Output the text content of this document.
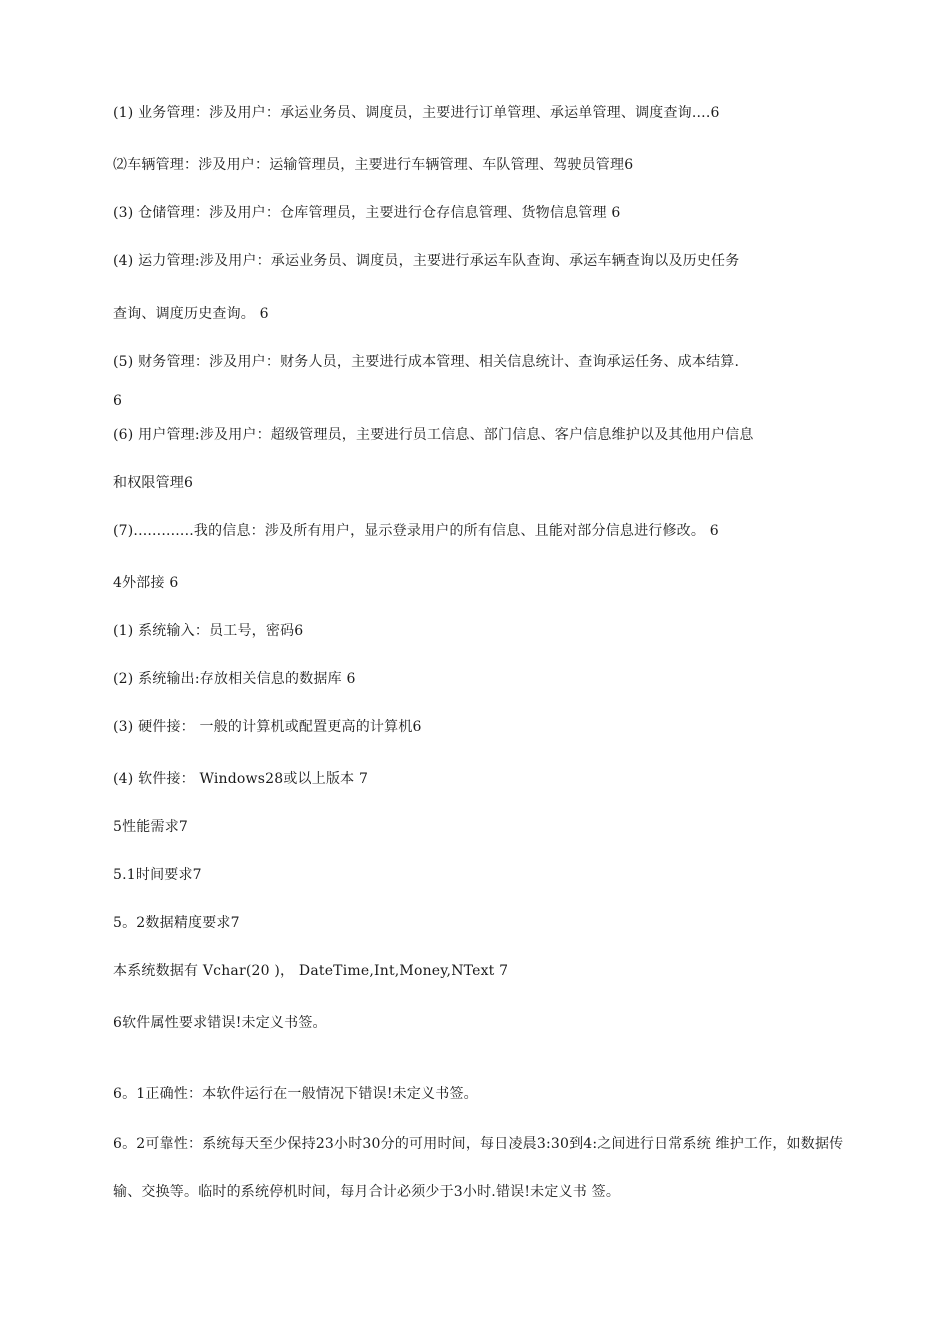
(1) 业务管理：涉及用户：承运业务员、调度员，主要进行订单管理、承运单管理、调度查询....6
⑵车辆管理：涉及用户：运输管理员，主要进行车辆管理、车队管理、驾驶员管理6
(3) 仓储管理：涉及用户：仓库管理员，主要进行仓存信息管理、货物信息管理 6
(4) 运力管理:涉及用户：承运业务员、调度员，主要进行承运车队查询、承运车辆查询以及历史任务
查询、调度历史查询。 6
(5) 财务管理：涉及用户：财务人员，主要进行成本管理、相关信息统计、查询承运任务、成本结算.
6
(6) 用户管理:涉及用户：超级管理员，主要进行员工信息、部门信息、客户信息维护以及其他用户信息
和权限管理6
(7).............我的信息：涉及所有用户，显示登录用户的所有信息、且能对部分信息进行修改。 6
4外部接 6
(1) 系统输入：员工号，密码6
(2) 系统输出:存放相关信息的数据库 6
(3) 硬件接： 一般的计算机或配置更高的计算机6
(4) 软件接： Windows28或以上版本 7
5性能需求7
5.1时间要求7
5。2数据精度要求7
本系统数据有 Vchar(20 )， DateTime,Int,Money,NText 7
6软件属性要求错误!未定义书签。
6。1正确性：本软件运行在一般情况下错误!未定义书签。
6。2可靠性：系统每天至少保持23小时30分的可用时间，每日凌晨3:30到4:之间进行日常系统 维护工作，如数据传
输、交换等。临时的系统停机时间，每月合计必须少于3小时.错误!未定义书 签。
